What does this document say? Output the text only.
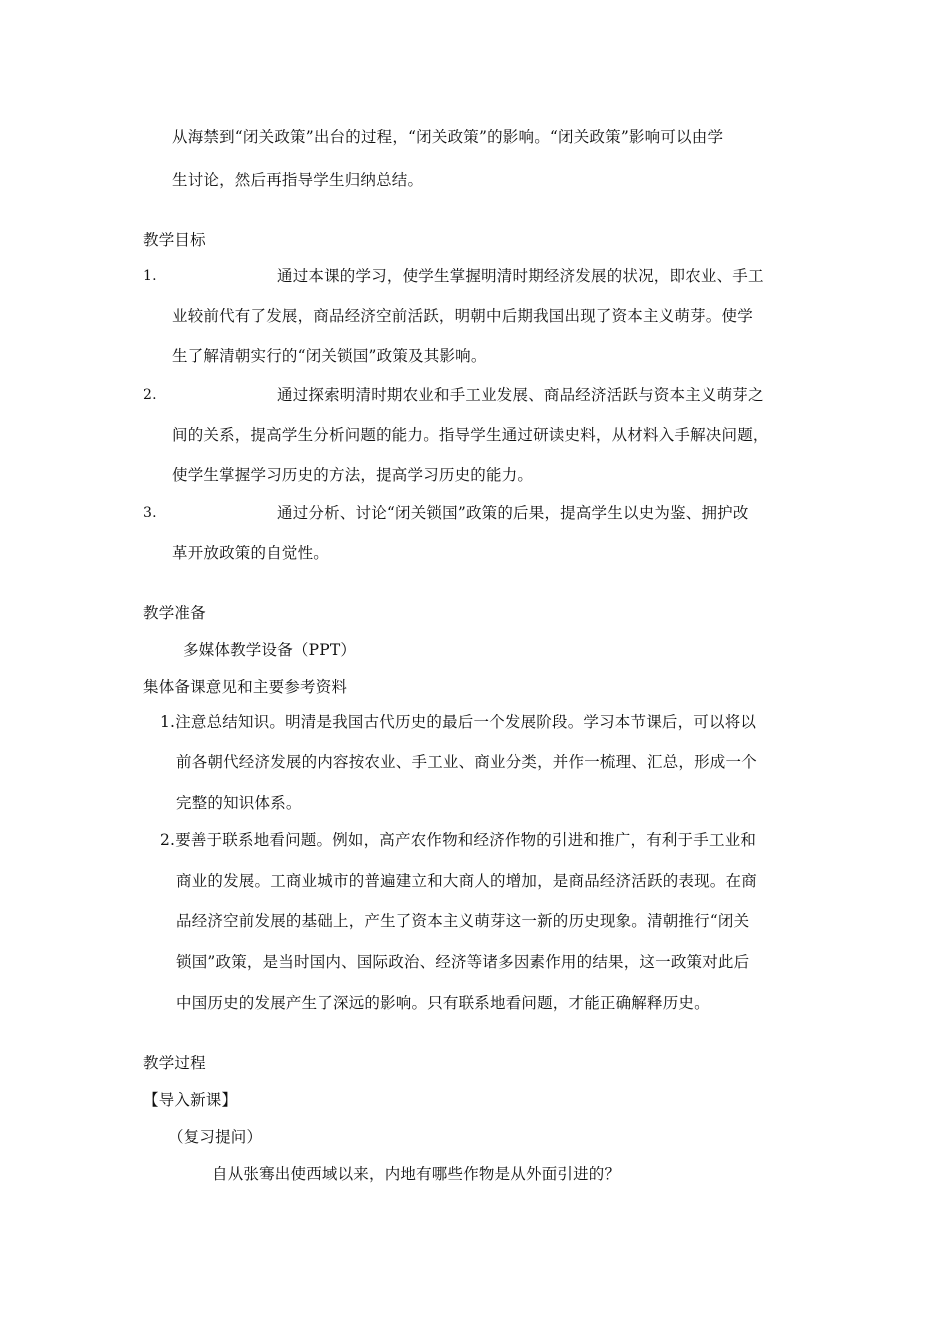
从海禁到“闭关政策”出台的过程，“闭关政策”的影响。“闭关政策”影响可以由学
生讨论，然后再指导学生归纳总结。
教学目标
1.	通过本课的学习，使学生掌握明清时期经济发展的状况，即农业、手工
业较前代有了发展，商品经济空前活跃，明朝中后期我国出现了资本主义萌芽。使学
生了解清朝实行的“闭关锁国”政策及其影响。
2.	通过探索明清时期农业和手工业发展、商品经济活跃与资本主义萌芽之
间的关系，提高学生分析问题的能力。指导学生通过研读史料，从材料入手解决问题，
使学生掌握学习历史的方法，提高学习历史的能力。
3.	通过分析、讨论“闭关锁国”政策的后果，提高学生以史为鉴、拥护改
革开放政策的自觉性。
教学准备
多媒体教学设备（PPT）
集体备课意见和主要参考资料
1.注意总结知识。明清是我国古代历史的最后一个发展阶段。学习本节课后，可以将以
前各朝代经济发展的内容按农业、手工业、商业分类，并作一梳理、汇总，形成一个
完整的知识体系。
2.要善于联系地看问题。例如，高产农作物和经济作物的引进和推广，有利于手工业和
商业的发展。工商业城市的普遍建立和大商人的增加，是商品经济活跃的表现。在商
品经济空前发展的基础上，产生了资本主义萌芽这一新的历史现象。清朝推行“闭关
锁国”政策，是当时国内、国际政治、经济等诸多因素作用的结果，这一政策对此后
中国历史的发展产生了深远的影响。只有联系地看问题，才能正确解释历史。
教学过程
【导入新课】
（复习提问）
自从张骞出使西域以来，内地有哪些作物是从外面引进的？
